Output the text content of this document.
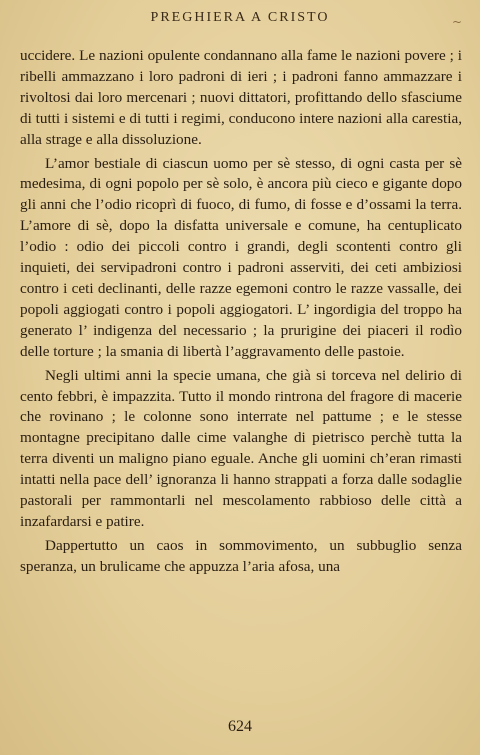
PREGHIERA A CRISTO	~

uccidere. Le nazioni opulente condannano alla fame le nazioni povere ; i ribelli ammazzano i loro padroni di ieri ; i padroni fanno ammazzare i rivoltosi dai loro mercenari ; nuovi dittatori, profittando dello sfasciume di tutti i sistemi e di tutti i regimi, conducono intere nazioni alla carestia, alla strage e alla dissoluzione.

L’amor bestiale di ciascun uomo per sè stesso, di ogni casta per sè medesima, di ogni popolo per sè solo, è ancora più cieco e gigante dopo gli anni che l’odio ricoprì di fuoco, di fumo, di fosse e d’ossami la terra. L’amore di sè, dopo la disfatta universale e comune, ha centuplicato l’odio : odio dei piccoli contro i grandi, degli scontenti contro gli inquieti, dei servipadroni contro i padroni asserviti, dei ceti ambiziosi contro i ceti declinanti, delle razze egemoni contro le razze vassalle, dei popoli aggiogati contro i popoli aggiogatori. L’ ingordigia del troppo ha generato l’ indigenza del necessario ; la prurigine dei piaceri il rodìo delle torture ; la smania di libertà l’aggravamento delle pastoie.

Negli ultimi anni la specie umana, che già si torceva nel delirio di cento febbri, è impazzita. Tutto il mondo rintrona del fragore di macerie che rovinano ; le colonne sono interrate nel pattume ; e le stesse montagne precipitano dalle cime valanghe di pietrisco perchè tutta la terra diventi un maligno piano eguale. Anche gli uomini ch’eran rimasti intatti nella pace dell’ ignoranza li hanno strappati a forza dalle sodaglie pastorali per rammontarli nel mescolamento rabbioso delle città a inzafardarsi e patire.

Dappertutto un caos in sommovimento, un subbuglio senza speranza, un brulicame che appuzza l’aria afosa, una

624
